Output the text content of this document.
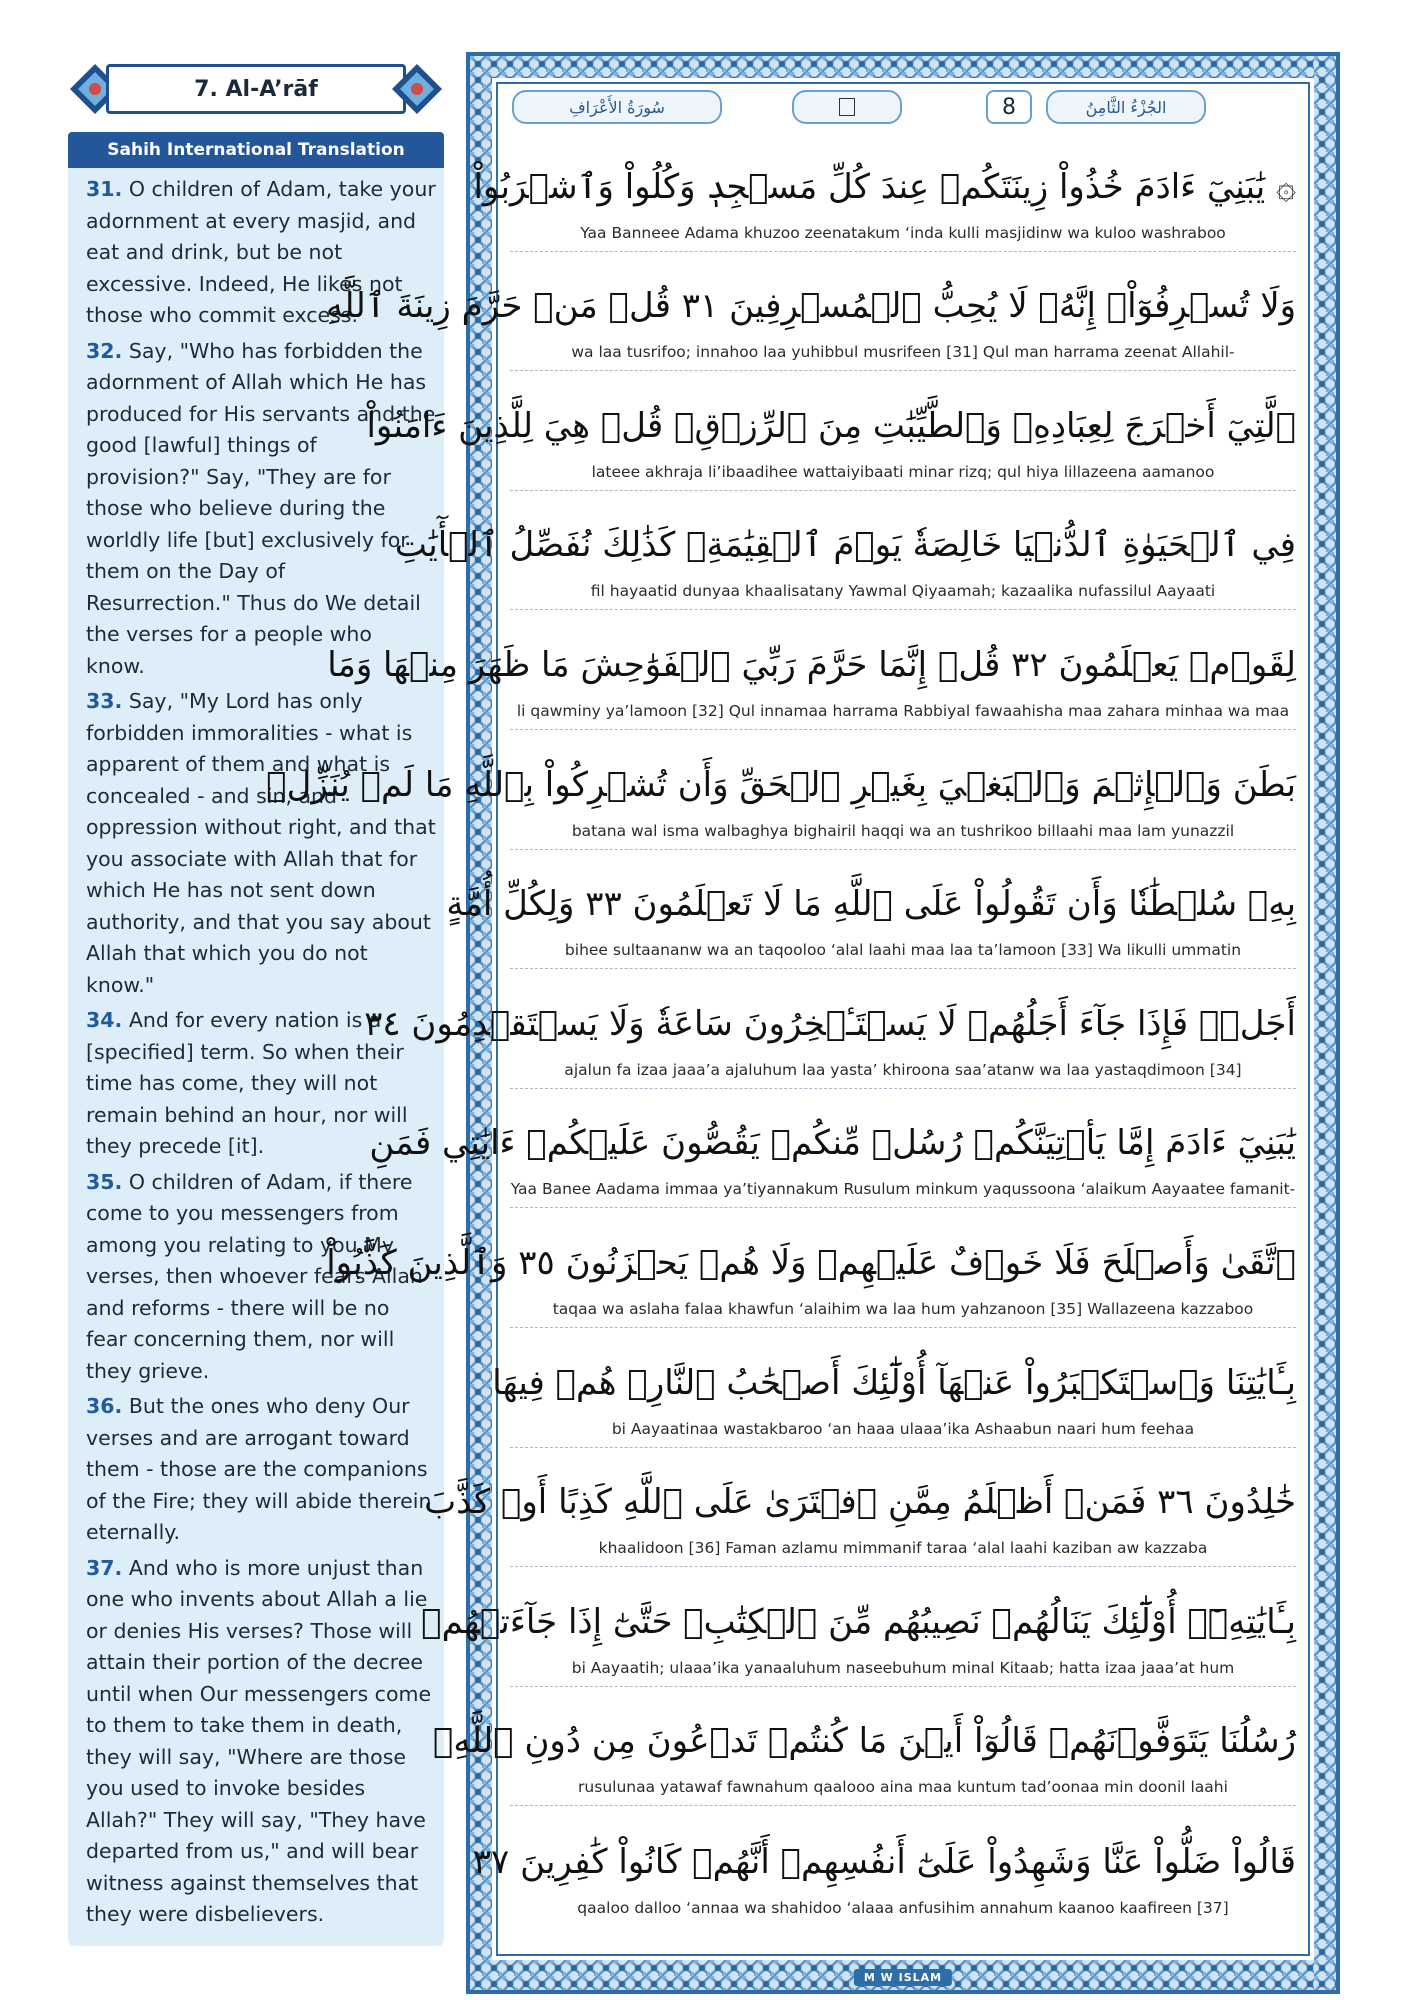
7. Al-A’rāf
Sahih International Translation

31. O children of Adam, take your adornment at every masjid, and eat and drink, but be not excessive. Indeed, He likes not those who commit excess.

32. Say, "Who has forbidden the adornment of Allah which He has produced for His servants and the good [lawful] things of provision?" Say, "They are for those who believe during the worldly life [but] exclusively for them on the Day of Resurrection." Thus do We detail the verses for a people who know.

33. Say, "My Lord has only forbidden immoralities - what is apparent of them and what is concealed - and sin, and oppression without right, and that you associate with Allah that for which He has not sent down authority, and that you say about Allah that which you do not know."

34. And for every nation is a [specified] term. So when their time has come, they will not remain behind an hour, nor will they precede [it].

35. O children of Adam, if there come to you messengers from among you relating to you My verses, then whoever fears Allah and reforms - there will be no fear concerning them, nor will they grieve.

36. But the ones who deny Our verses and are arrogant toward them - those are the companions of the Fire; they will abide therein eternally.

37. And who is more unjust than one who invents about Allah a lie or denies His verses? Those will attain their portion of the decree until when Our messengers come to them to take them in death, they will say, "Where are those you used to invoke besides Allah?" They will say, "They have departed from us," and will bear witness against themselves that they were disbelievers.

سُورَةُ الأَعْرَافِ	8	الجُزْءُ الثَّامِنُ
۞ يَٰبَنِيٓ ءَادَمَ خُذُواْ زِينَتَكُمۡ عِندَ كُلِّ مَسۡجِدٖ وَكُلُواْ وَٱشۡرَبُواْ
Yaa Banneee Adama khuzoo zeenatakum ‘inda kulli masjidinw wa kuloo washraboo
وَلَا تُسۡرِفُوٓاْۚ إِنَّهُۥ لَا يُحِبُّ ٱلۡمُسۡرِفِينَ ٣١ قُلۡ مَنۡ حَرَّمَ زِينَةَ ٱللَّهِ
wa laa tusrifoo; innahoo laa yuhibbul musrifeen [31] Qul man harrama zeenat Allahil-
ٱلَّتِيٓ أَخۡرَجَ لِعِبَادِهِۦ وَٱلطَّيِّبَٰتِ مِنَ ٱلرِّزۡقِۚ قُلۡ هِيَ لِلَّذِينَ ءَامَنُواْ
lateee akhraja li’ibaadihee wattaiyibaati minar rizq; qul hiya lillazeena aamanoo
فِي ٱلۡحَيَوٰةِ ٱلدُّنۡيَا خَالِصَةٗ يَوۡمَ ٱلۡقِيَٰمَةِۗ كَذَٰلِكَ نُفَصِّلُ ٱلۡأٓيَٰتِ
fil hayaatid dunyaa khaalisatany Yawmal Qiyaamah; kazaalika nufassilul Aayaati
لِقَوۡمٖ يَعۡلَمُونَ ٣٢ قُلۡ إِنَّمَا حَرَّمَ رَبِّيَ ٱلۡفَوَٰحِشَ مَا ظَهَرَ مِنۡهَا وَمَا
li qawminy ya’lamoon [32] Qul innamaa harrama Rabbiyal fawaahisha maa zahara minhaa wa maa
بَطَنَ وَٱلۡإِثۡمَ وَٱلۡبَغۡيَ بِغَيۡرِ ٱلۡحَقِّ وَأَن تُشۡرِكُواْ بِٱللَّهِ مَا لَمۡ يُنَزِّلۡ
batana wal isma walbaghya bighairil haqqi wa an tushrikoo billaahi maa lam yunazzil
بِهِۦ سُلۡطَٰنٗا وَأَن تَقُولُواْ عَلَى ٱللَّهِ مَا لَا تَعۡلَمُونَ ٣٣ وَلِكُلِّ أُمَّةٍ
bihee sultaananw wa an taqooloo ‘alal laahi maa laa ta’lamoon [33] Wa likulli ummatin
أَجَلٞۖ فَإِذَا جَآءَ أَجَلُهُمۡ لَا يَسۡتَـٔۡخِرُونَ سَاعَةٗ وَلَا يَسۡتَقۡدِمُونَ ٣٤
ajalun fa izaa jaaa’a ajaluhum laa yasta’ khiroona saa’atanw wa laa yastaqdimoon [34]
يَٰبَنِيٓ ءَادَمَ إِمَّا يَأۡتِيَنَّكُمۡ رُسُلٞ مِّنكُمۡ يَقُصُّونَ عَلَيۡكُمۡ ءَايَٰتِي فَمَنِ
Yaa Banee Aadama immaa ya’tiyannakum Rusulum minkum yaqussoona ‘alaikum Aayaatee famanit-
ٱتَّقَىٰ وَأَصۡلَحَ فَلَا خَوۡفٌ عَلَيۡهِمۡ وَلَا هُمۡ يَحۡزَنُونَ ٣٥ وَٱلَّذِينَ كَذَّبُواْ
taqaa wa aslaha falaa khawfun ‘alaihim wa laa hum yahzanoon [35] Wallazeena kazzaboo
بِـَٔايَٰتِنَا وَٱسۡتَكۡبَرُواْ عَنۡهَآ أُوْلَٰٓئِكَ أَصۡحَٰبُ ٱلنَّارِۖ هُمۡ فِيهَا
bi Aayaatinaa wastakbaroo ‘an haaa ulaaa’ika Ashaabun naari hum feehaa
خَٰلِدُونَ ٣٦ فَمَنۡ أَظۡلَمُ مِمَّنِ ٱفۡتَرَىٰ عَلَى ٱللَّهِ كَذِبًا أَوۡ كَذَّبَ
khaalidoon [36] Faman azlamu mimmanif taraa ‘alal laahi kaziban aw kazzaba
بِـَٔايَٰتِهِۦٓۚ أُوْلَٰٓئِكَ يَنَالُهُمۡ نَصِيبُهُم مِّنَ ٱلۡكِتَٰبِۖ حَتَّىٰٓ إِذَا جَآءَتۡهُمۡ
bi Aayaatih; ulaaa’ika yanaaluhum naseebuhum minal Kitaab; hatta izaa jaaa’at hum
رُسُلُنَا يَتَوَفَّوۡنَهُمۡ قَالُوٓاْ أَيۡنَ مَا كُنتُمۡ تَدۡعُونَ مِن دُونِ ٱللَّهِۖ
rusulunaa yatawaf fawnahum qaalooo aina maa kuntum tad’oonaa min doonil laahi
قَالُواْ ضَلُّواْ عَنَّا وَشَهِدُواْ عَلَىٰٓ أَنفُسِهِمۡ أَنَّهُمۡ كَانُواْ كَٰفِرِينَ ٣٧
qaaloo dalloo ‘annaa wa shahidoo ‘alaaa anfusihim annahum kaanoo kaafireen [37]
M W ISLAM
